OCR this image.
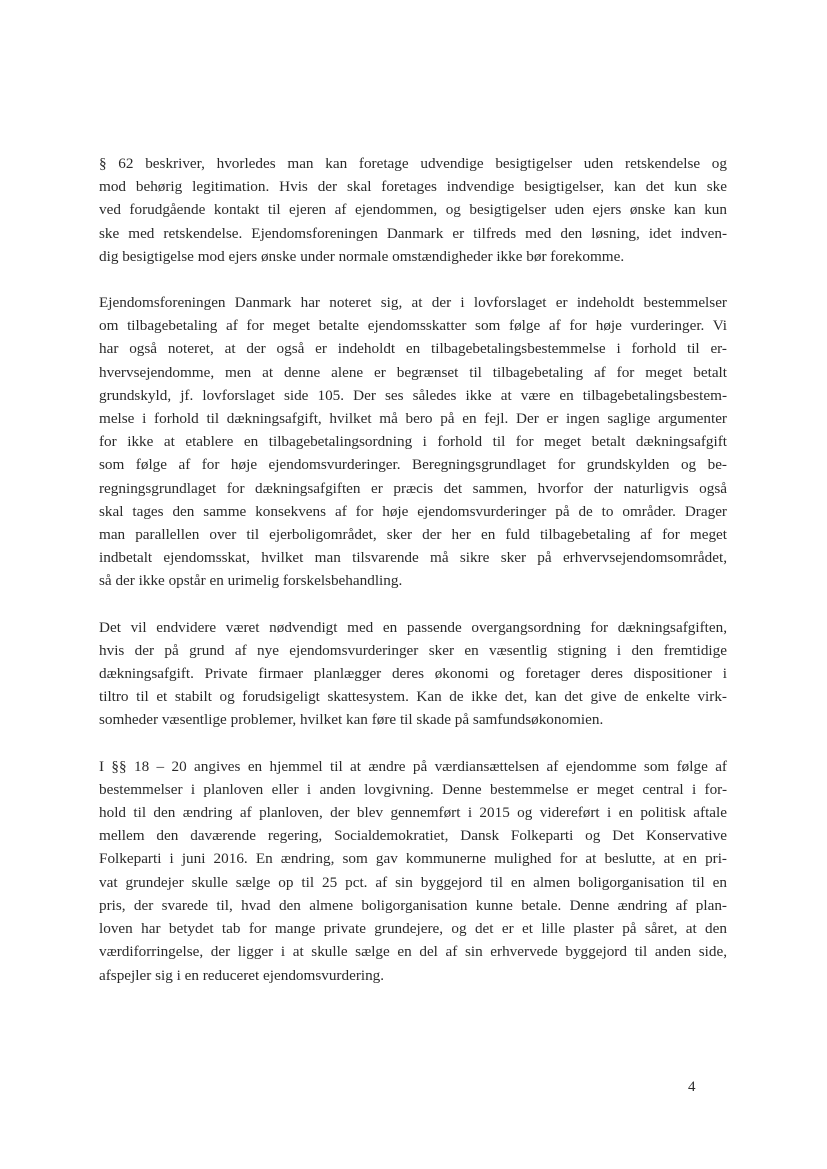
§ 62 beskriver, hvorledes man kan foretage udvendige besigtigelser uden retskendelse og
mod behørig legitimation. Hvis der skal foretages indvendige besigtigelser, kan det kun ske
ved forudgående kontakt til ejeren af ejendommen, og besigtigelser uden ejers ønske kan kun
ske med retskendelse. Ejendomsforeningen Danmark er tilfreds med den løsning, idet indven-
dig besigtigelse mod ejers ønske under normale omstændigheder ikke bør forekomme.

Ejendomsforeningen Danmark har noteret sig, at der i lovforslaget er indeholdt bestemmelser
om tilbagebetaling af for meget betalte ejendomsskatter som følge af for høje vurderinger. Vi
har også noteret, at der også er indeholdt en tilbagebetalingsbestemmelse i forhold til er-
hvervsejendomme, men at denne alene er begrænset til tilbagebetaling af for meget betalt
grundskyld, jf. lovforslaget side 105. Der ses således ikke at være en tilbagebetalingsbestem-
melse i forhold til dækningsafgift, hvilket må bero på en fejl. Der er ingen saglige argumenter
for ikke at etablere en tilbagebetalingsordning i forhold til for meget betalt dækningsafgift
som følge af for høje ejendomsvurderinger. Beregningsgrundlaget for grundskylden og be-
regningsgrundlaget for dækningsafgiften er præcis det sammen, hvorfor der naturligvis også
skal tages den samme konsekvens af for høje ejendomsvurderinger på de to områder. Drager
man parallellen over til ejerboligområdet, sker der her en fuld tilbagebetaling af for meget
indbetalt ejendomsskat, hvilket man tilsvarende må sikre sker på erhvervsejendomsområdet,
så der ikke opstår en urimelig forskelsbehandling.

Det vil endvidere været nødvendigt med en passende overgangsordning for dækningsafgiften,
hvis der på grund af nye ejendomsvurderinger sker en væsentlig stigning i den fremtidige
dækningsafgift. Private firmaer planlægger deres økonomi og foretager deres dispositioner i
tiltro til et stabilt og forudsigeligt skattesystem. Kan de ikke det, kan det give de enkelte virk-
somheder væsentlige problemer, hvilket kan føre til skade på samfundsøkonomien.

I §§ 18 – 20 angives en hjemmel til at ændre på værdiansættelsen af ejendomme som følge af
bestemmelser i planloven eller i anden lovgivning. Denne bestemmelse er meget central i for-
hold til den ændring af planloven, der blev gennemført i 2015 og videreført i en politisk aftale
mellem den daværende regering, Socialdemokratiet, Dansk Folkeparti og Det Konservative
Folkeparti i juni 2016. En ændring, som gav kommunerne mulighed for at beslutte, at en pri-
vat grundejer skulle sælge op til 25 pct. af sin byggejord til en almen boligorganisation til en
pris, der svarede til, hvad den almene boligorganisation kunne betale. Denne ændring af plan-
loven har betydet tab for mange private grundejere, og det er et lille plaster på såret, at den
værdiforringelse, der ligger i at skulle sælge en del af sin erhvervede byggejord til anden side,
afspejler sig i en reduceret ejendomsvurdering.

4
